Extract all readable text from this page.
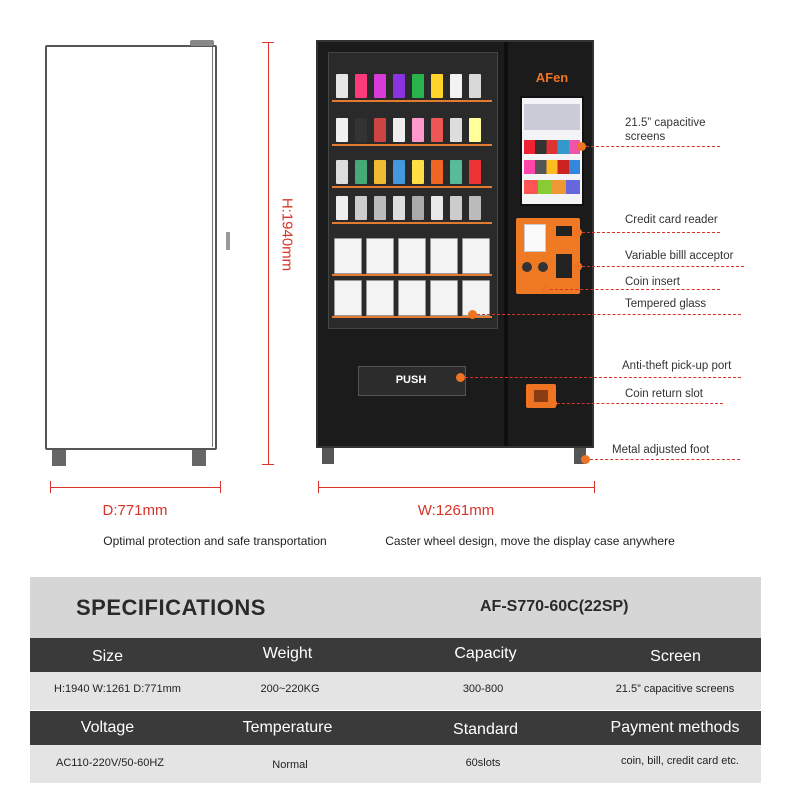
H:1940mm
D:771mm
AFen
PUSH
W:1261mm
21.5” capacitive screens
Credit card reader
Variable billl acceptor
Coin insert
Tempered glass
Anti-theft pick-up port
Coin return slot
Metal adjusted foot
Optimal protection and safe transportation	Caster wheel design, move the display case anywhere
SPECIFICATIONS	AF-S770-60C(22SP)
Size	Weight	Capacity	Screen
H:1940 W:1261 D:771mm	200~220KG	300-800	21.5” capacitive screens
Voltage	Temperature	Standard	Payment methods
AC110-220V/50-60HZ	Normal	60slots	coin, bill, credit card etc.
